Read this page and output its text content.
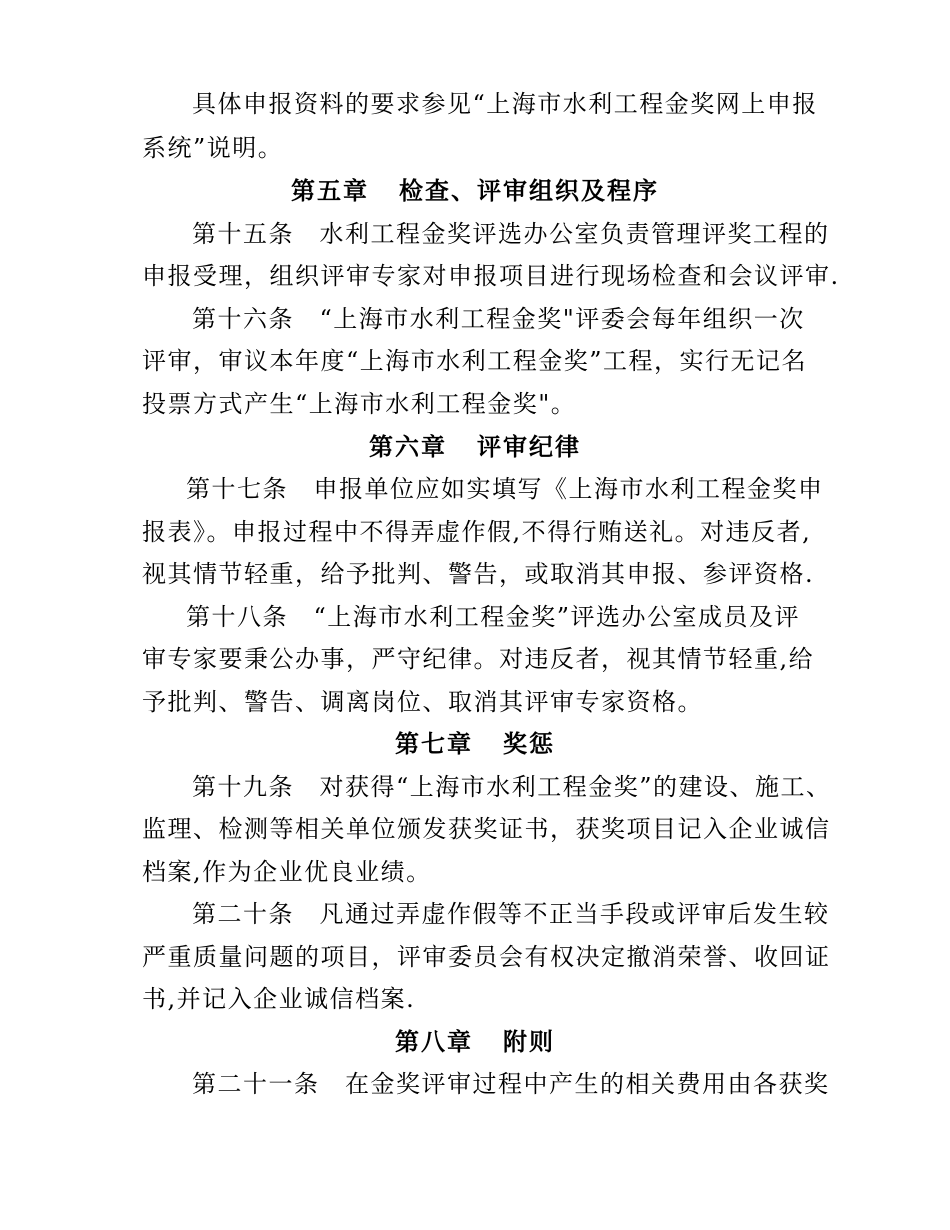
具体申报资料的要求参见“上海市水利工程金奖网上申报
系统”说明。
第五章 检查、评审组织及程序
第十五条　水利工程金奖评选办公室负责管理评奖工程的
申报受理，组织评审专家对申报项目进行现场检查和会议评审.
第十六条　“上海市水利工程金奖"评委会每年组织一次
评审，审议本年度“上海市水利工程金奖”工程，实行无记名
投票方式产生“上海市水利工程金奖"。
第六章 评审纪律
第十七条　申报单位应如实填写《上海市水利工程金奖申
报表》。申报过程中不得弄虚作假,不得行贿送礼。对违反者,
视其情节轻重，给予批判、警告，或取消其申报、参评资格.
第十八条　“上海市水利工程金奖”评选办公室成员及评
审专家要秉公办事，严守纪律。对违反者，视其情节轻重,给
予批判、警告、调离岗位、取消其评审专家资格。
第七章 奖惩
第十九条　对获得“上海市水利工程金奖”的建设、施工、
监理、检测等相关单位颁发获奖证书，获奖项目记入企业诚信
档案,作为企业优良业绩。
第二十条　凡通过弄虚作假等不正当手段或评审后发生较
严重质量问题的项目，评审委员会有权决定撤消荣誉、收回证
书,并记入企业诚信档案.
第八章 附则
第二十一条　在金奖评审过程中产生的相关费用由各获奖
